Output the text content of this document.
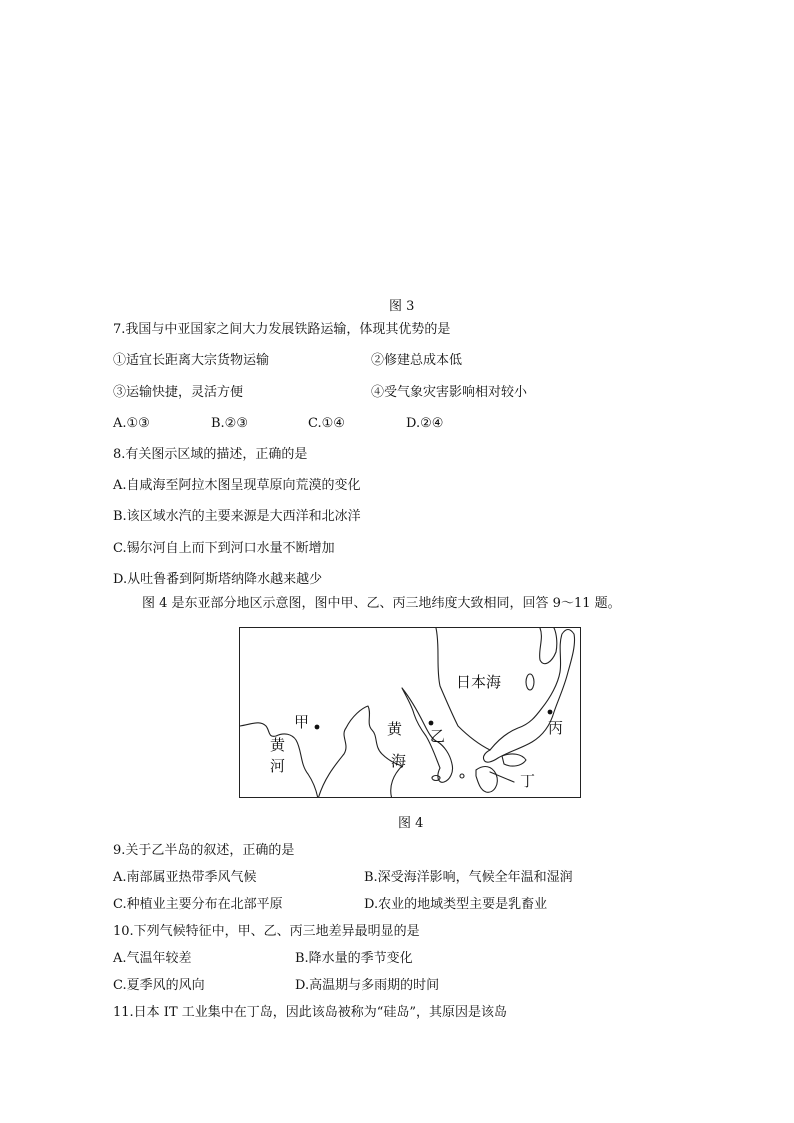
图 3
7.我国与中亚国家之间大力发展铁路运输，体现其优势的是
①适宜长距离大宗货物运输	②修建总成本低
③运输快捷，灵活方便	④受气象灾害影响相对较小
A.①③	B.②③	C.①④	D.②④
8.有关图示区域的描述，正确的是
A.自咸海至阿拉木图呈现草原向荒漠的变化
B.该区域水汽的主要来源是大西洋和北冰洋
C.锡尔河自上而下到河口水量不断增加
D.从吐鲁番到阿斯塔纳降水越来越少
图 4 是东亚部分地区示意图，图中甲、乙、丙三地纬度大致相同，回答 9～11 题。
日本海
甲
乙	丙
丁
黄
海
黄
河
图 4
9.关于乙半岛的叙述，正确的是
A.南部属亚热带季风气候	B.深受海洋影响，气候全年温和湿润
C.种植业主要分布在北部平原	D.农业的地域类型主要是乳畜业
10.下列气候特征中，甲、乙、丙三地差异最明显的是
A.气温年较差	B.降水量的季节变化
C.夏季风的风向	D.高温期与多雨期的时间
11.日本 IT 工业集中在丁岛，因此该岛被称为“硅岛”，其原因是该岛
